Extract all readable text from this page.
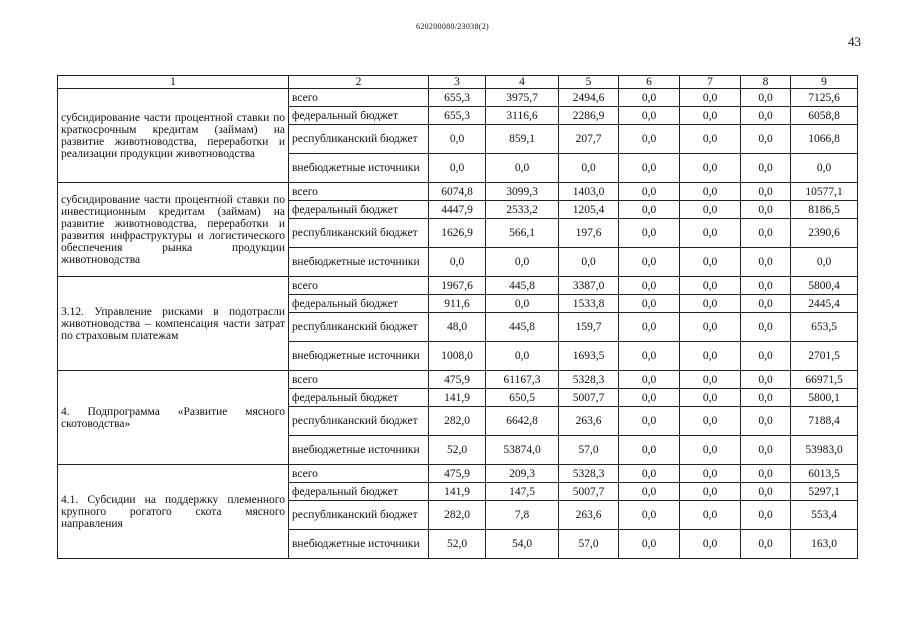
620200080/23038(2)
43
1	2	3	4	5	6	7	8	9
субсидирование части процентной ставки по краткосрочным кредитам (займам) на развитие животноводства, переработки и реализации продукции животноводства	всего	655,3	3975,7	2494,6	0,0	0,0	0,0	7125,6
	федеральный бюджет	655,3	3116,6	2286,9	0,0	0,0	0,0	6058,8
	республиканский бюджет	0,0	859,1	207,7	0,0	0,0	0,0	1066,8
	внебюджетные источники	0,0	0,0	0,0	0,0	0,0	0,0	0,0
субсидирование части процентной ставки по инвестиционным кредитам (займам) на развитие животноводства, переработки и развития инфраструктуры и логистического обеспечения рынка продукции животноводства	всего	6074,8	3099,3	1403,0	0,0	0,0	0,0	10577,1
	федеральный бюджет	4447,9	2533,2	1205,4	0,0	0,0	0,0	8186,5
	республиканский бюджет	1626,9	566,1	197,6	0,0	0,0	0,0	2390,6
	внебюджетные источники	0,0	0,0	0,0	0,0	0,0	0,0	0,0
3.12. Управление рисками в подотрасли животноводства – компенсация части затрат по страховым платежам	всего	1967,6	445,8	3387,0	0,0	0,0	0,0	5800,4
	федеральный бюджет	911,6	0,0	1533,8	0,0	0,0	0,0	2445,4
	республиканский бюджет	48,0	445,8	159,7	0,0	0,0	0,0	653,5
	внебюджетные источники	1008,0	0,0	1693,5	0,0	0,0	0,0	2701,5
4. Подпрограмма «Развитие мясного скотоводства»	всего	475,9	61167,3	5328,3	0,0	0,0	0,0	66971,5
	федеральный бюджет	141,9	650,5	5007,7	0,0	0,0	0,0	5800,1
	республиканский бюджет	282,0	6642,8	263,6	0,0	0,0	0,0	7188,4
	внебюджетные источники	52,0	53874,0	57,0	0,0	0,0	0,0	53983,0
4.1. Субсидии на поддержку племенного крупного рогатого скота мясного направления	всего	475,9	209,3	5328,3	0,0	0,0	0,0	6013,5
	федеральный бюджет	141,9	147,5	5007,7	0,0	0,0	0,0	5297,1
	республиканский бюджет	282,0	7,8	263,6	0,0	0,0	0,0	553,4
	внебюджетные источники	52,0	54,0	57,0	0,0	0,0	0,0	163,0
